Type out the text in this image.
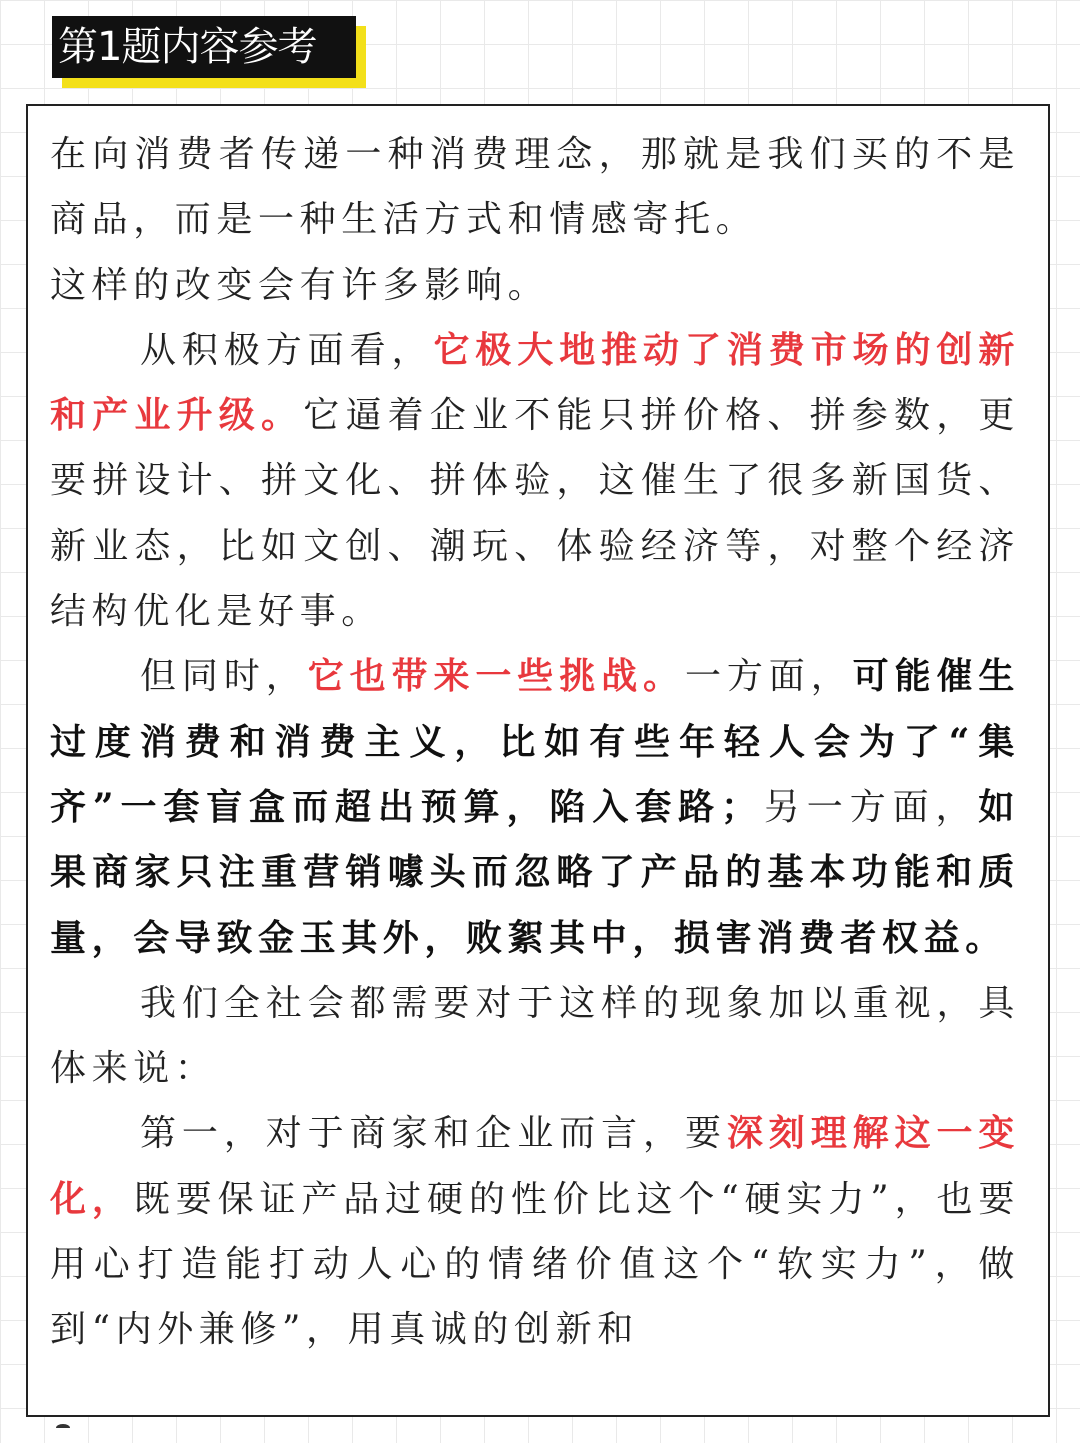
第1题内容参考

在向消费者传递一种消费理念，那就是我们买的不是商品，而是一种生活方式和情感寄托。

这样的改变会有许多影响。

从积极方面看，它极大地推动了消费市场的创新和产业升级。它逼着企业不能只拼价格、拼参数，更要拼设计、拼文化、拼体验，这催生了很多新国货、新业态，比如文创、潮玩、体验经济等，对整个经济结构优化是好事。

但同时，它也带来一些挑战。一方面，可能催生过度消费和消费主义，比如有些年轻人会为了“集齐”一套盲盒而超出预算，陷入套路；另一方面，如果商家只注重营销噱头而忽略了产品的基本功能和质量，会导致金玉其外，败絮其中，损害消费者权益。

我们全社会都需要对于这样的现象加以重视，具体来说：

第一，对于商家和企业而言，要深刻理解这一变化，既要保证产品过硬的性价比这个“硬实力”，也要用心打造能打动人心的情绪价值这个“软实力”，做到“内外兼修”，用真诚的创新和
